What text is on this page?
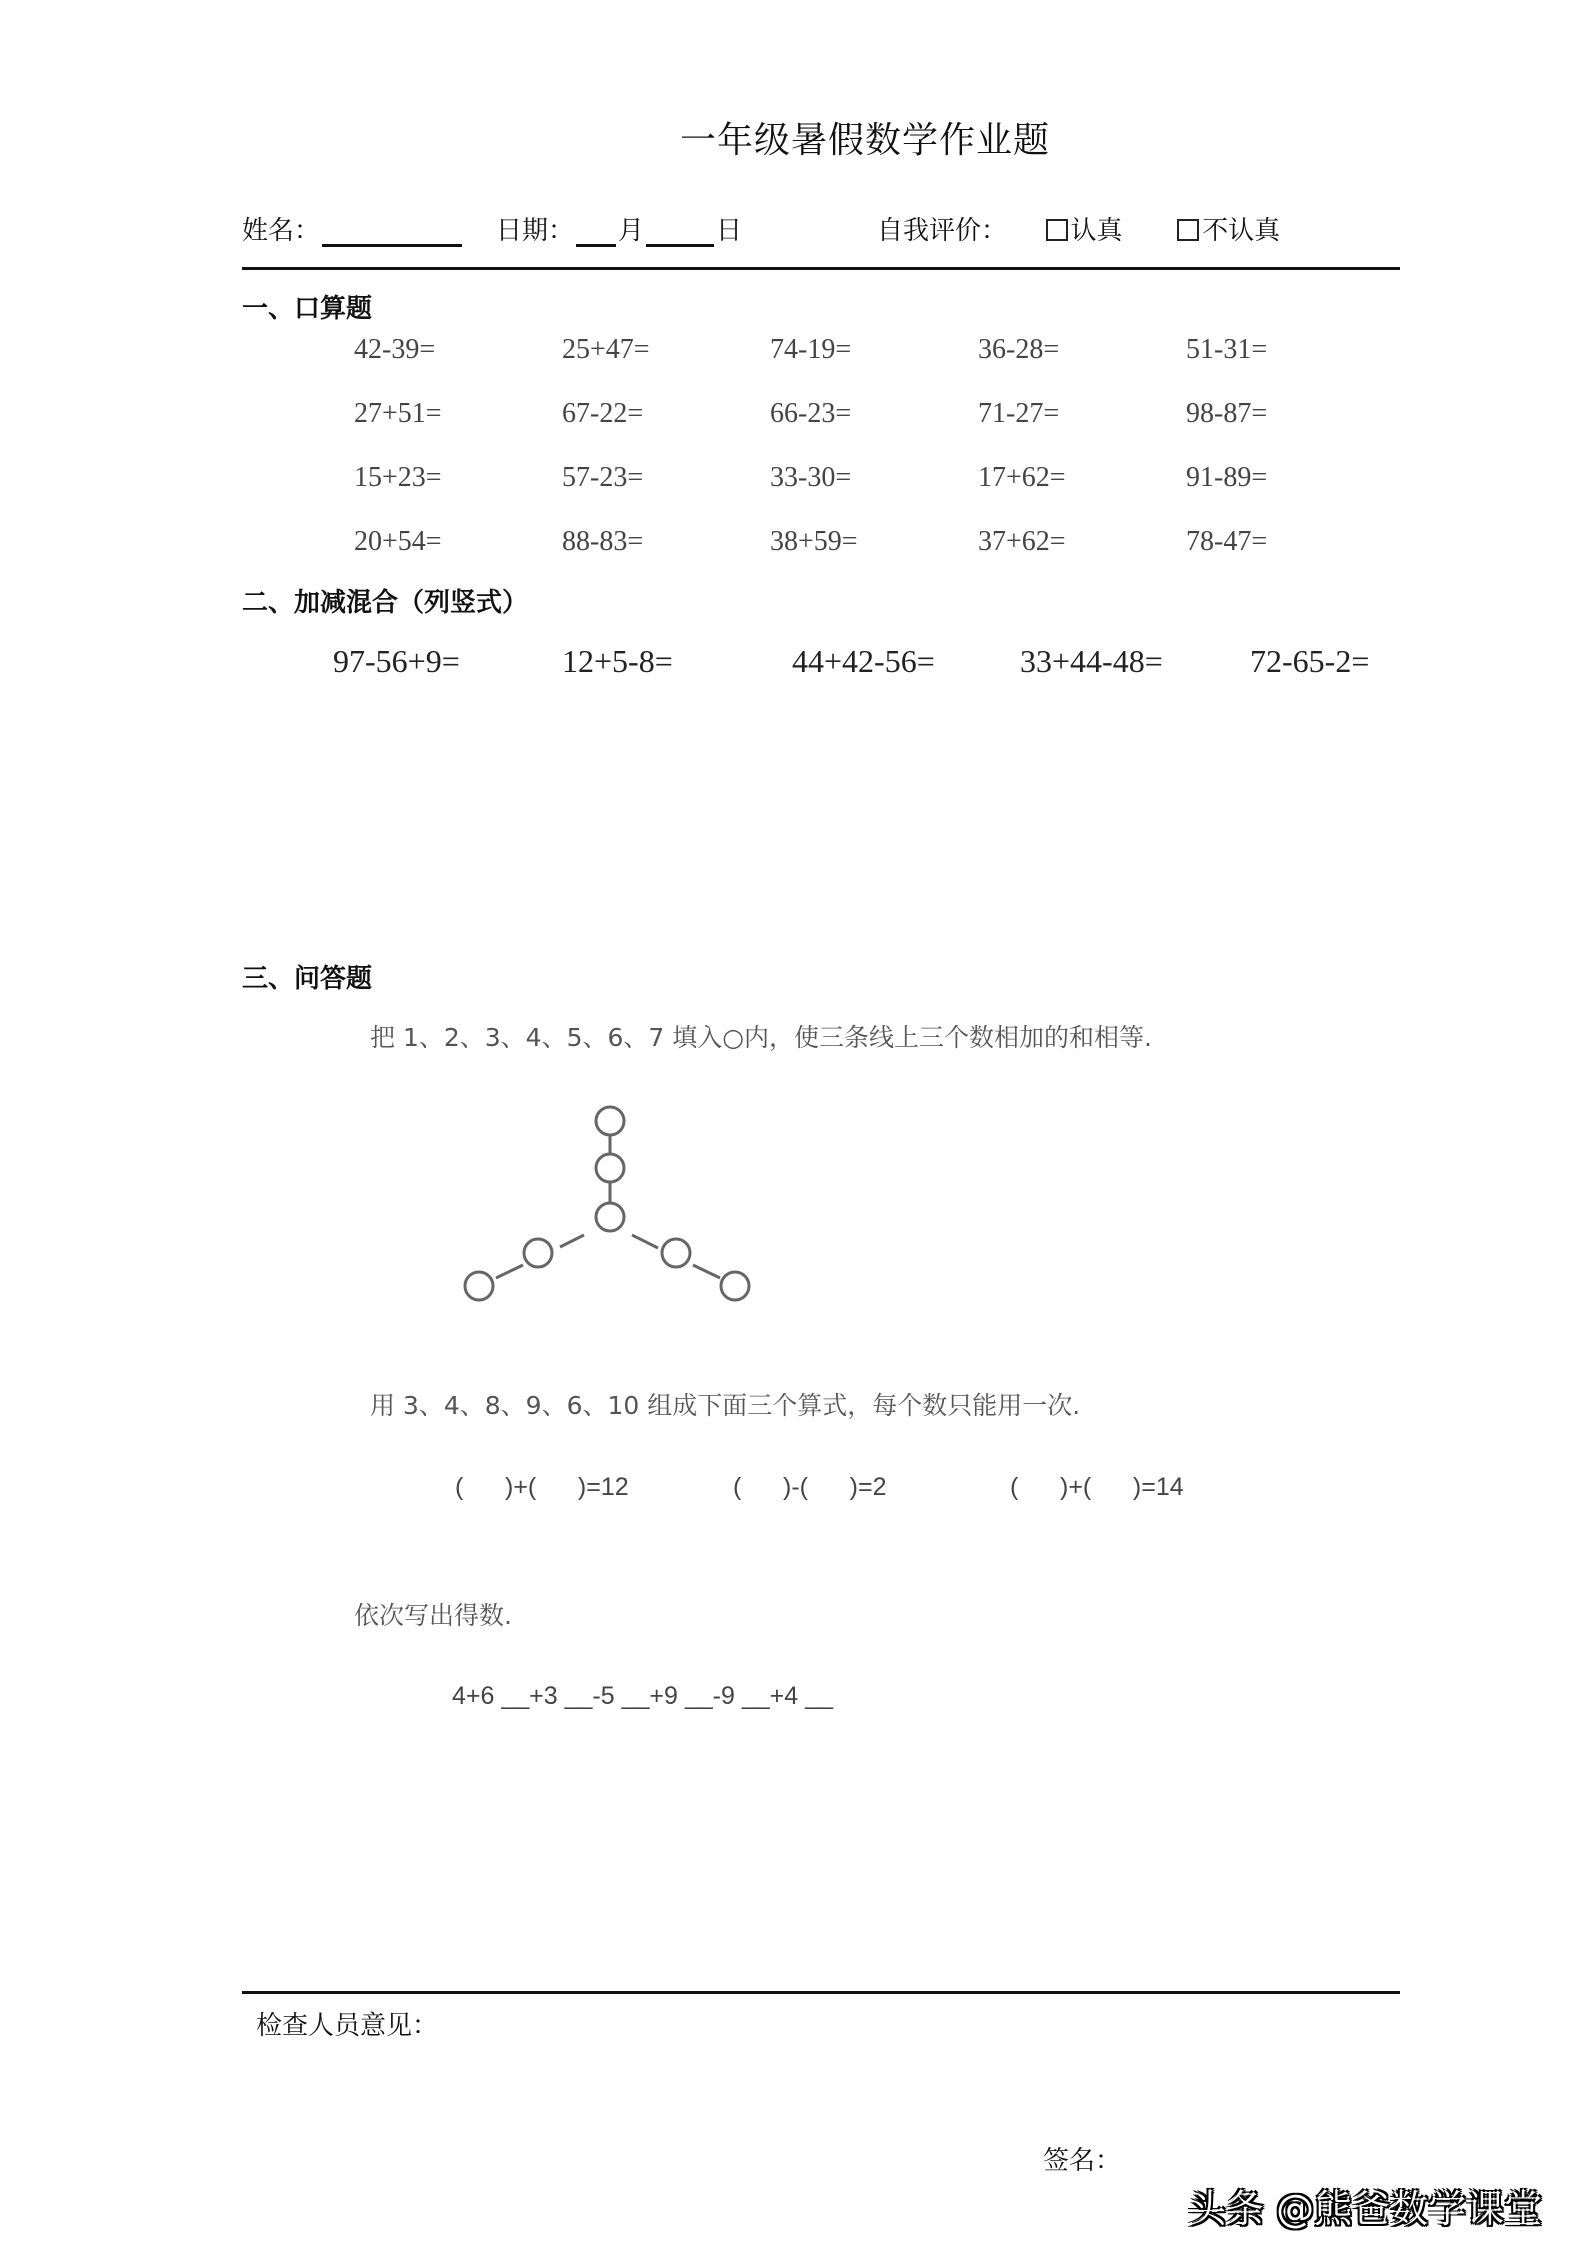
一年级暑假数学作业题
姓名：	日期： 月	日	自我评价： 认真	不认真
一、口算题
42-39=	25+47=	74-19=	36-28=	51-31=
27+51=	67-22=	66-23=	71-27=	98-87=
15+23=	57-23=	33-30=	17+62=	91-89=
20+54=	88-83=	38+59=	37+62=	78-47=
二、加减混合（列竖式）
97-56+9=	12+5-8=	44+42-56=	33+44-48=	72-65-2=
三、问答题
把 1、2、3、4、5、6、7 填入○内，使三条线上三个数相加的和相等.
用 3、4、8、9、6、10 组成下面三个算式，每个数只能用一次.
(      )+(      )=12	(      )-(      )=2	(      )+(      )=14
依次写出得数.
4+6 __+3 __-5 __+9 __-9 __+4 __
检查人员意见：
签名：
头条 @熊爸数学课堂
